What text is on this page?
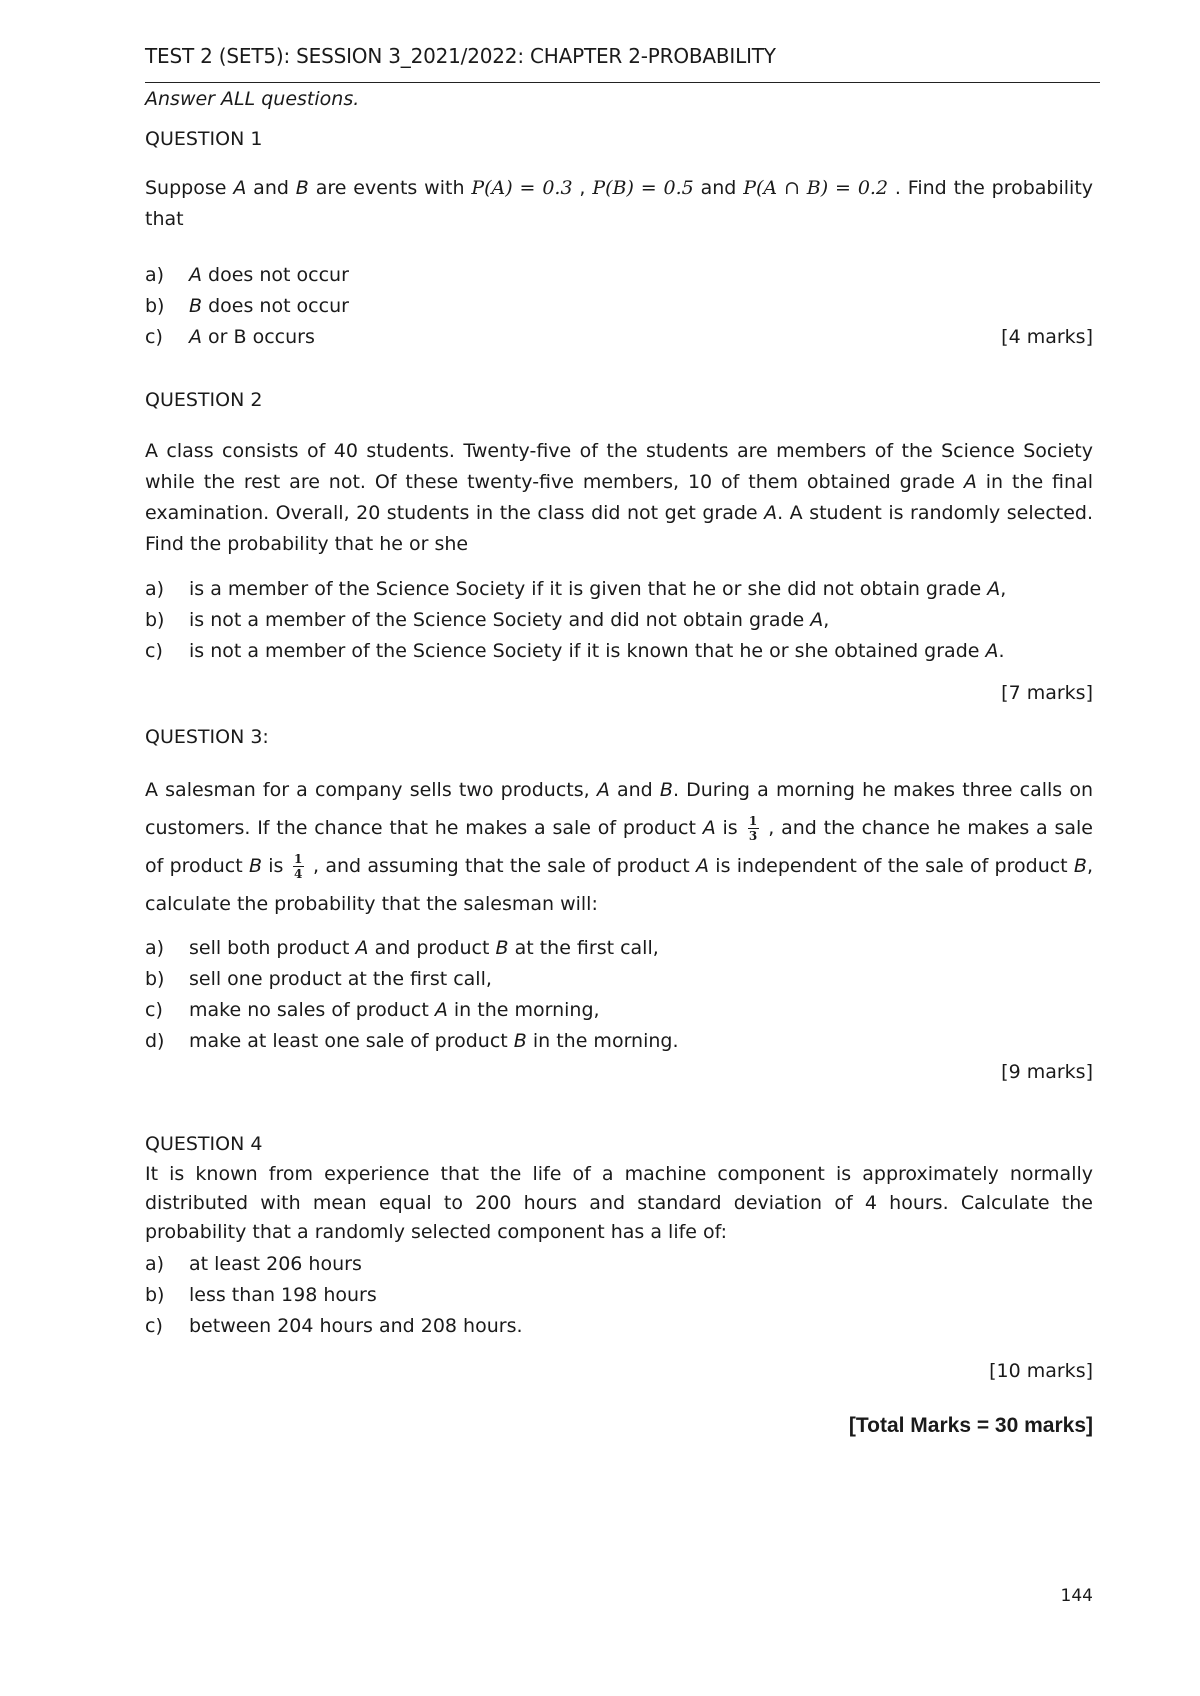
TEST 2 (SET5): SESSION 3_2021/2022: CHAPTER 2-PROBABILITY
Answer ALL questions.
QUESTION 1
Suppose A and B are events with P(A) = 0.3 , P(B) = 0.5 and P(A ∩ B) = 0.2 . Find the probability that
a) A does not occur
b) B does not occur
c) A or B occurs	[4 marks]
QUESTION 2
A class consists of 40 students. Twenty-five of the students are members of the Science Society while the rest are not. Of these twenty-five members, 10 of them obtained grade A in the final examination. Overall, 20 students in the class did not get grade A. A student is randomly selected. Find the probability that he or she
a) is a member of the Science Society if it is given that he or she did not obtain grade A,
b) is not a member of the Science Society and did not obtain grade A,
c) is not a member of the Science Society if it is known that he or she obtained grade A.
[7 marks]
QUESTION 3:
A salesman for a company sells two products, A and B. During a morning he makes three calls on customers. If the chance that he makes a sale of product A is $\frac{1}{3}$ , and the chance he makes a sale of product B is $\frac{1}{4}$ , and assuming that the sale of product A is independent of the sale of product B, calculate the probability that the salesman will:
a) sell both product A and product B at the first call,
b) sell one product at the first call,
c) make no sales of product A in the morning,
d) make at least one sale of product B in the morning.
[9 marks]
QUESTION 4
It is known from experience that the life of a machine component is approximately normally distributed with mean equal to 200 hours and standard deviation of 4 hours. Calculate the probability that a randomly selected component has a life of:
a) at least 206 hours
b) less than 198 hours
c) between 204 hours and 208 hours.
[10 marks]
[Total Marks = 30 marks]
144
